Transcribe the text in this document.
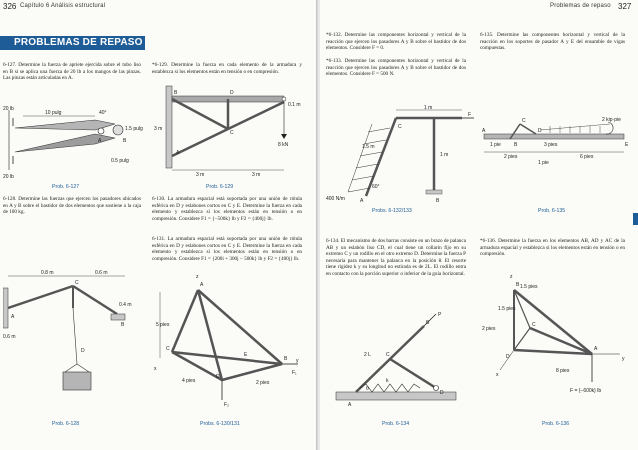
326 Capítulo 6 Análisis estructural
PROBLEMAS DE REPASO
6-127. Determine la fuerza de apriete ejercida sobre el tubo liso en B si se aplica una fuerza de 20 lb a los mangos de las pinzas. Las pinzas están articuladas en A.
*6-129. Determine la fuerza en cada elemento de la armadura y establezca si los elementos están en tensión o en compresión.
20 lb
20 lb
10 pulg	40°
1.5 pulg
0.5 pulg
A	B
Prob. 6-127
3 m
3 m	3 m
8 kN
0.1 m
A
B
C
D
Prob. 6-129
6-128. Determine las fuerzas que ejercen los pasadores ubicados en A y B sobre el bastidor de dos elementos que sostiene a la caja de 100 kg.
6-130. La armadura espacial está soportada por una unión de rótula esférica en D y eslabones cortos en C y E. Determine la fuerza en cada elemento y establezca si los elementos están en tensión o en compresión. Considere F1 = {−500k} lb y F2 = {400j} lb.
6-131. La armadura espacial está soportada por una unión de rótula esférica en D y eslabones cortos en C y E. Determine la fuerza en cada elemento y establezca si los elementos están en tensión o en compresión. Considere F1 = {200i + 300j − 500k} lb y F2 = {400j} lb.
0.8 m	0.6 m
0.4 m
0.6 m
A
B
C
D
Prob. 6-128
5 pies
4 pies	2 pies
F₁
F₂
A
B
C
D
E
x
y
z
Probs. 6-130/131
Problemas de repaso 327
*6-132. Determine las componentes horizontal y vertical de la reacción que ejercen los pasadores A y B sobre el bastidor de dos elementos. Considere F = 0.
*6-133. Determine las componentes horizontal y vertical de la reacción que ejercen los pasadores A y B sobre el bastidor de dos elementos. Considere F = 500 N.
6-135. Determine las componentes horizontal y vertical de la reacción en los soportes de pasador A y E del ensamble de vigas compuestas.
1 m
1.5 m
1 m
400 N/m
60°
F
A	B
C
Probs. 6-132/133
2 kip·pie
1 pie	3 pies
2 pies	6 pies
1 pie
A
B
C
D
E
Prob. 6-135
6-134. El mecanismo de dos barras consiste en un brazo de palanca AB y un eslabón liso CD, el cual tiene un collarín fijo en su extremo C y un rodillo en el otro extremo D. Determine la fuerza P necesaria para mantener la palanca en la posición θ. El resorte tiene rigidez k y su longitud no estirada es de 2L. El rodillo entra en contacto con la porción superior o inferior de la guía horizontal.
*6-136. Determine la fuerza en los elementos AB, AD y AC de la armadura espacial y establezca si los elementos están en tensión o en compresión.
2 L
P
A
B
C
D
k
θ
Prob. 6-134
1.5 pies
1.5 pies
2 pies
8 pies
F = {−600k} lb
A
B
C
D
x
y
z
Prob. 6-136
